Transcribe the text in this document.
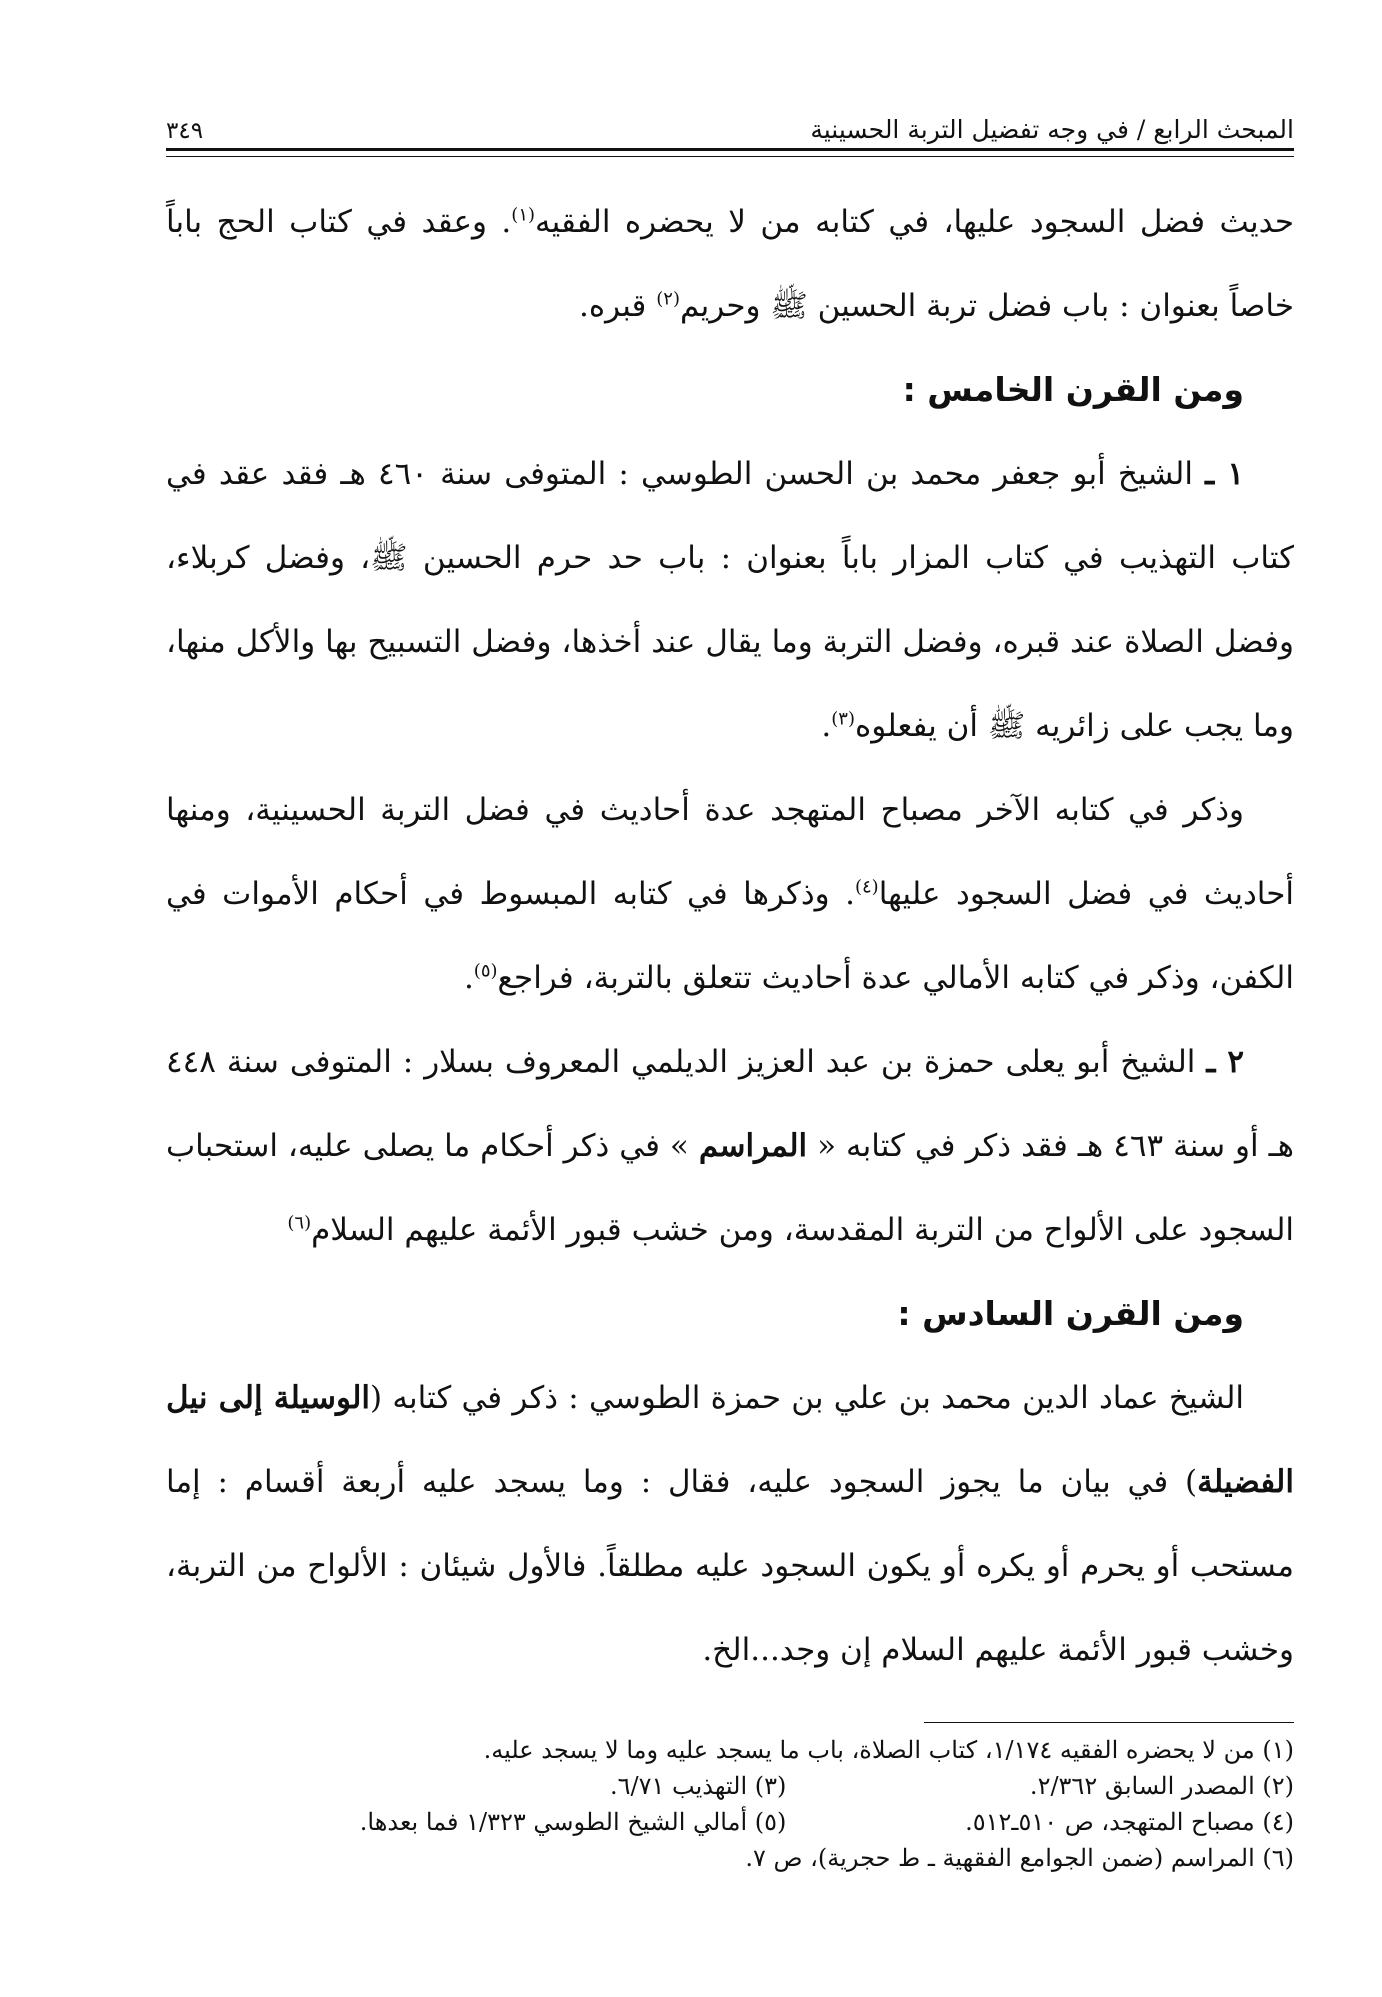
المبحث الرابع / في وجه تفضيل التربة الحسينية
٣٤٩

حديث فضل السجود عليها، في كتابه من لا يحضره الفقيه$^{(١)}$. وعقد في كتاب الحج باباً خاصاً بعنوان : باب فضل تربة الحسين ﷺ وحريم$^{(٢)}$ قبره.

ومن القرن الخامس :

١ ـ الشيخ أبو جعفر محمد بن الحسن الطوسي : المتوفى سنة ٤٦٠ هـ فقد عقد في كتاب التهذيب في كتاب المزار باباً بعنوان : باب حد حرم الحسين ﷺ، وفضل كربلاء، وفضل الصلاة عند قبره، وفضل التربة وما يقال عند أخذها، وفضل التسبيح بها والأكل منها، وما يجب على زائريه ﷺ أن يفعلوه$^{(٣)}$.

وذكر في كتابه الآخر مصباح المتهجد عدة أحاديث في فضل التربة الحسينية، ومنها أحاديث في فضل السجود عليها$^{(٤)}$. وذكرها في كتابه المبسوط في أحكام الأموات في الكفن، وذكر في كتابه الأمالي عدة أحاديث تتعلق بالتربة، فراجع$^{(٥)}$.

٢ ـ الشيخ أبو يعلى حمزة بن عبد العزيز الديلمي المعروف بسلار : المتوفى سنة ٤٤٨ هـ أو سنة ٤٦٣ هـ فقد ذكر في كتابه « المراسم » في ذكر أحكام ما يصلى عليه، استحباب السجود على الألواح من التربة المقدسة، ومن خشب قبور الأئمة عليهم السلام$^{(٦)}$

ومن القرن السادس :

الشيخ عماد الدين محمد بن علي بن حمزة الطوسي : ذكر في كتابه (الوسيلة إلى نيل الفضيلة) في بيان ما يجوز السجود عليه، فقال : وما يسجد عليه أربعة أقسام : إما مستحب أو يحرم أو يكره أو يكون السجود عليه مطلقاً. فالأول شيئان : الألواح من التربة، وخشب قبور الأئمة عليهم السلام إن وجد...الخ.

(١) من لا يحضره الفقيه ١/١٧٤، كتاب الصلاة، باب ما يسجد عليه وما لا يسجد عليه.
(٢) المصدر السابق ٢/٣٦٢.
(٣) التهذيب ٦/٧١.
(٤) مصباح المتهجد، ص ٥١٠ـ٥١٢.
(٥) أمالي الشيخ الطوسي ١/٣٢٣ فما بعدها.
(٦) المراسم (ضمن الجوامع الفقهية ـ ط حجرية)، ص ٧.
